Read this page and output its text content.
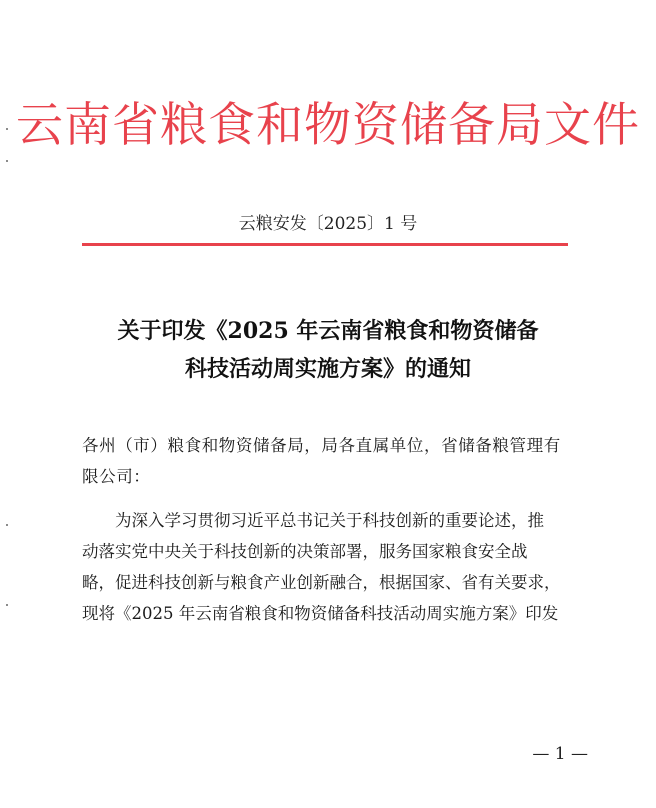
云南省粮食和物资储备局文件
云粮安发〔2025〕1 号
关于印发《2025 年云南省粮食和物资储备
科技活动周实施方案》的通知
各州（市）粮食和物资储备局，局各直属单位，省储备粮管理有
限公司：
为深入学习贯彻习近平总书记关于科技创新的重要论述，推
动落实党中央关于科技创新的决策部署，服务国家粮食安全战
略，促进科技创新与粮食产业创新融合，根据国家、省有关要求，
现将《2025 年云南省粮食和物资储备科技活动周实施方案》印发
— 1 —
